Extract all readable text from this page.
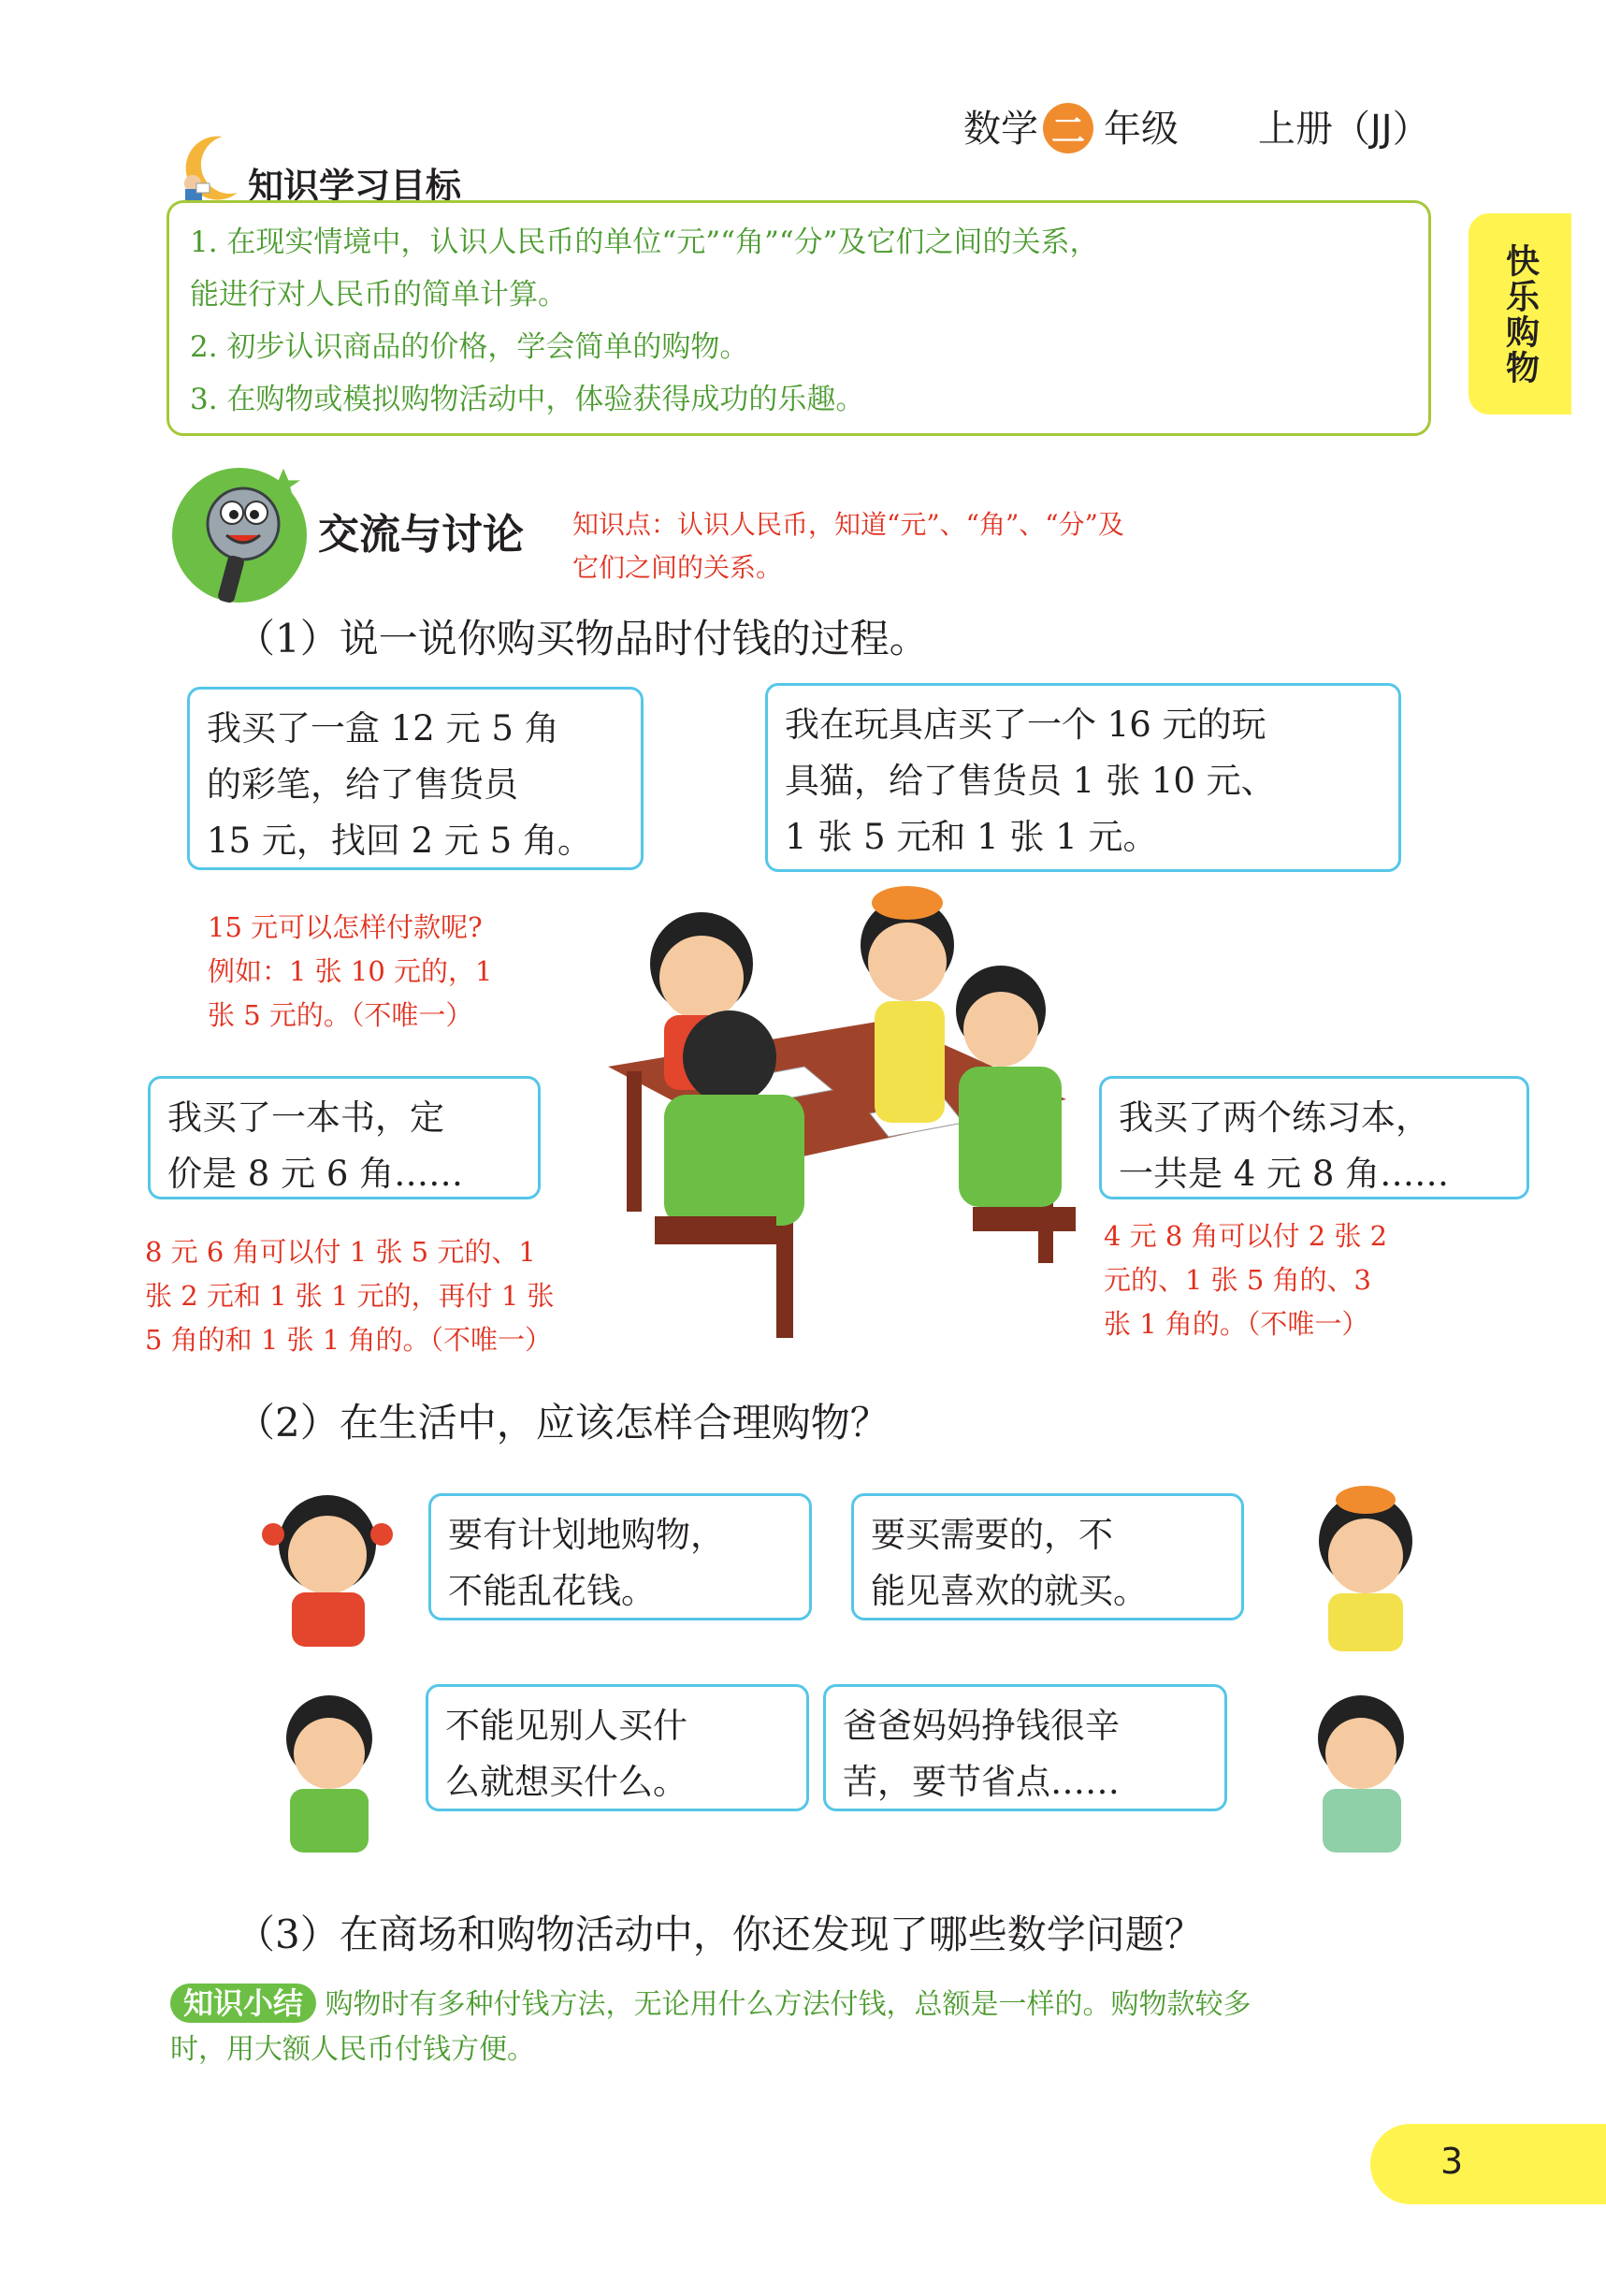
数学 二 年级 上册（JJ）
快乐购物
知识学习目标
1. 在现实情境中，认识人民币的单位“元”“角”“分”及它们之间的关系，
能进行对人民币的简单计算。
2. 初步认识商品的价格，学会简单的购物。
3. 在购物或模拟购物活动中，体验获得成功的乐趣。
交流与讨论 知识点：认识人民币，知道“元”、“角”、“分”及
它们之间的关系。
（1）说一说你购买物品时付钱的过程。
我买了一盒 12 元 5 角
的彩笔，给了售货员
15 元，找回 2 元 5 角。
我在玩具店买了一个 16 元的玩
具猫，给了售货员 1 张 10 元、
1 张 5 元和 1 张 1 元。
15 元可以怎样付款呢?
例如：1 张 10 元的，1
张 5 元的。（不唯一）
我买了一本书，定
价是 8 元 6 角……
我买了两个练习本，
一共是 4 元 8 角……
8 元 6 角可以付 1 张 5 元的、1
张 2 元和 1 张 1 元的，再付 1 张
5 角的和 1 张 1 角的。（不唯一）
4 元 8 角可以付 2 张 2
元的、1 张 5 角的、3
张 1 角的。（不唯一）
（2）在生活中，应该怎样合理购物？
要有计划地购物，
不能乱花钱。
要买需要的，不
能见喜欢的就买。
不能见别人买什
么就想买什么。
爸爸妈妈挣钱很辛
苦，要节省点……
（3）在商场和购物活动中，你还发现了哪些数学问题？
知识小结 购物时有多种付钱方法，无论用什么方法付钱，总额是一样的。购物款较多
时，用大额人民币付钱方便。
3
